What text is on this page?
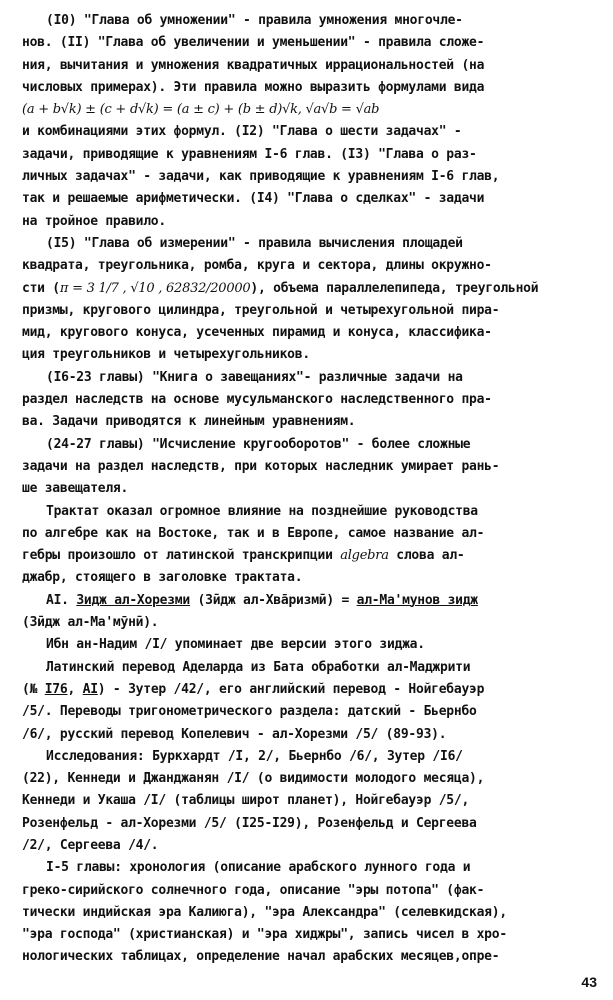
(I0) "Глава об умножении" - правила умножения многочле-
нов. (II) "Глава об увеличении и уменьшении" - правила сложе-
ния, вычитания и умножения квадратичных иррациональностей (на
числовых примерах). Эти правила можно выразить формулами вида
(a + b√k) ± (c + d√k) = (a ± c) + (b ± d)√k, √a√b = √ab
и комбинациями этих формул. (I2) "Глава о шести задачах" -
задачи, приводящие к уравнениям I-6 глав. (I3) "Глава о раз-
личных задачах" - задачи, как приводящие к уравнениям I-6 глав,
так и решаемые арифметически. (I4) "Глава о сделках" - задачи
на тройное правило.
(I5) "Глава об измерении" - правила вычисления площадей
квадрата, треугольника, ромба, круга и сектора, длины окружно-
сти (π = 3 1/7 , √10 , 62832/20000), объема параллелепипеда, треугольной
призмы, кругового цилиндра, треугольной и четырехугольной пира-
мид, кругового конуса, усеченных пирамид и конуса, классифика-
ция треугольников и четырехугольников.
(I6-23 главы) "Книга о завещаниях"- различные задачи на
раздел наследств на основе мусульманского наследственного пра-
ва. Задачи приводятся к линейным уравнениям.
(24-27 главы) "Исчисление кругооборотов" - более сложные
задачи на раздел наследств, при которых наследник умирает рань-
ше завещателя.
Трактат оказал огромное влияние на позднейшие руководства
по алгебре как на Востоке, так и в Европе, самое название ал-
гебры произошло от латинской транскрипции algebra слова ал-
джабр, стоящего в заголовке трактата.
AI. Зидж ал-Хорезми (Зӣдж ал-Хвāризмӣ) = ал-Ма'мунов зидж
(Зӣдж ал-Ма'мӯнӣ).
Ибн ан-Надим /I/ упоминает две версии этого зиджа.
Латинский перевод Аделарда из Бата обработки ал-Маджрити
(№ I76, AI) - Зутер /42/, его английский перевод - Нойгебауэр
/5/. Переводы тригонометрического раздела: датский - Бьернбо
/6/, русский перевод Копелевич - ал-Хорезми /5/ (89-93).
Исследования: Буркхардт /I, 2/, Бьернбо /6/, Зутер /I6/
(22), Кеннеди и Джанджанян /I/ (о видимости молодого месяца),
Кеннеди и Укаша /I/ (таблицы широт планет), Нойгебауэр /5/,
Розенфельд - ал-Хорезми /5/ (I25-I29), Розенфельд и Сергеева
/2/, Сергеева /4/.
I-5 главы: хронология (описание арабского лунного года и
греко-сирийского солнечного года, описание "эры потопа" (фак-
тически индийская эра Калиюга), "эра Александра" (селевкидская),
"эра господа" (христианская) и "эра хиджры", запись чисел в хро-
нологических таблицах, определение начал арабских месяцев,опре-
43
